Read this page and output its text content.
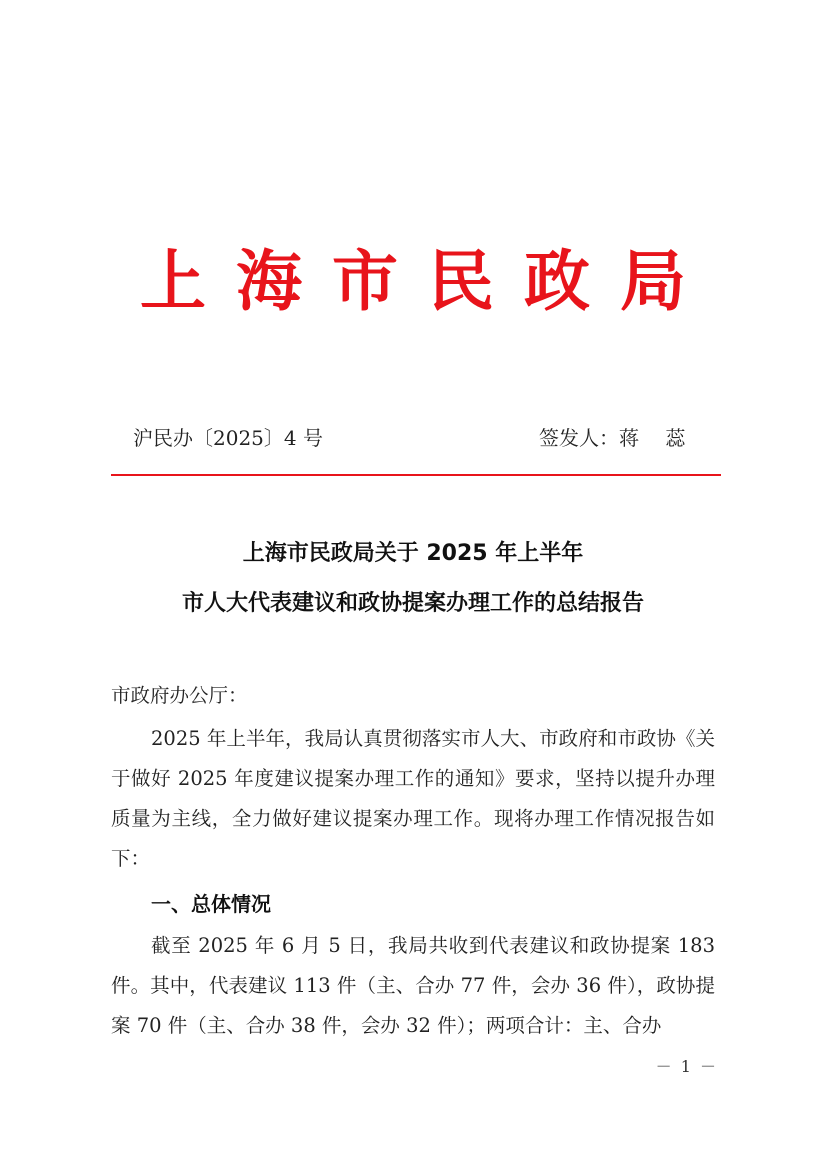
上海市民政局
沪民办〔2025〕4 号	签发人：蒋 蕊
上海市民政局关于 2025 年上半年
市人大代表建议和政协提案办理工作的总结报告
市政府办公厅：
2025 年上半年，我局认真贯彻落实市人大、市政府和市政协《关于做好 2025 年度建议提案办理工作的通知》要求，坚持以提升办理质量为主线，全力做好建议提案办理工作。现将办理工作情况报告如下：
一、总体情况
截至 2025 年 6 月 5 日，我局共收到代表建议和政协提案 183 件。其中，代表建议 113 件（主、合办 77 件，会办 36 件），政协提案 70 件（主、合办 38 件，会办 32 件）；两项合计：主、合办
－ 1 －
